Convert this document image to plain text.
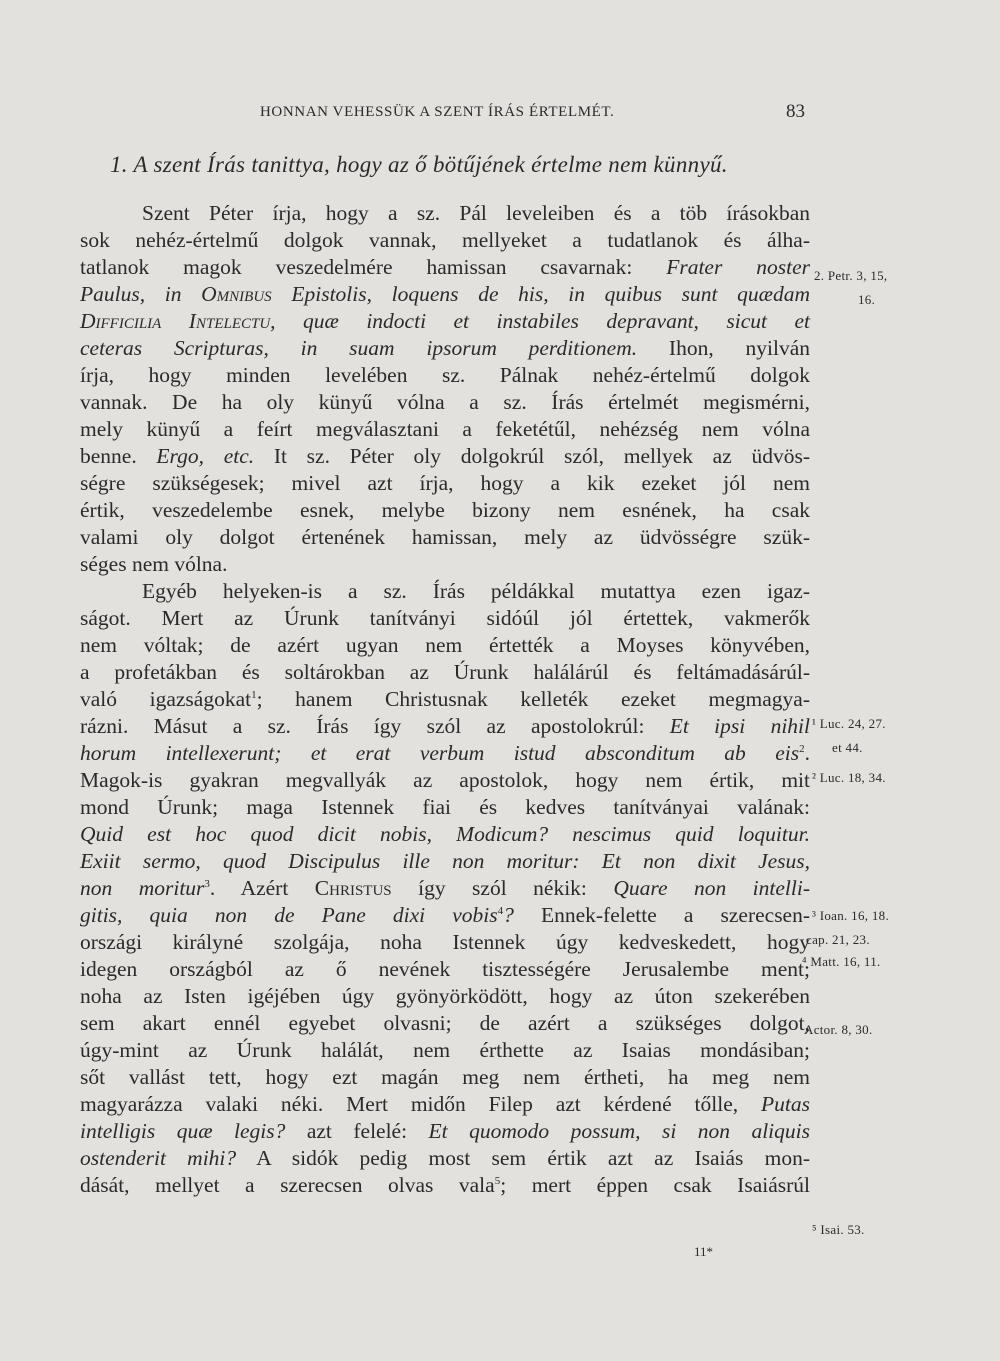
HONNAN VEHESSÜK A SZENT ÍRÁS ÉRTELMÉT.	83
1. A szent Írás tanittya, hogy az ő bötűjének értelme nem künnyű.
Szent Péter írja, hogy a sz. Pál leveleiben és a töb írásokban
sok nehéz-értelmű dolgok vannak, mellyeket a tudatlanok és álha-
tatlanok magok veszedelmére hamissan csavarnak: Frater noster
Paulus, in Omnibus Epistolis, loquens de his, in quibus sunt quædam
Difficilia Intelectu, quæ indocti et instabiles depravant, sicut et
ceteras Scripturas, in suam ipsorum perditionem. Ihon, nyilván
írja, hogy minden levelében sz. Pálnak nehéz-értelmű dolgok
vannak. De ha oly künyű vólna a sz. Írás értelmét megismérni,
mely künyű a feírt megválasztani a feketétűl, nehézség nem vólna
benne. Ergo, etc. It sz. Péter oly dolgokrúl szól, mellyek az üdvös-
ségre szükségesek; mivel azt írja, hogy a kik ezeket jól nem
értik, veszedelembe esnek, melybe bizony nem esnének, ha csak
valami oly dolgot értenének hamissan, mely az üdvösségre szük-
séges nem vólna.
Egyéb helyeken-is a sz. Írás példákkal mutattya ezen igaz-
ságot. Mert az Úrunk tanítványi sidóúl jól értettek, vakmerők
nem vóltak; de azért ugyan nem értették a Moyses könyvében,
a profetákban és soltárokban az Úrunk halálárúl és feltámadásárúl-
való igazságokat$^1$; hanem Christusnak kelleték ezeket megmagya-
rázni. Másut a sz. Írás így szól az apostolokrúl: Et ipsi nihil
horum intellexerunt; et erat verbum istud absconditum ab eis$^2$.
Magok-is gyakran megvallyák az apostolok, hogy nem értik, mit
mond Úrunk; maga Istennek fiai és kedves tanítványai valának:
Quid est hoc quod dicit nobis, Modicum? nescimus quid loquitur.
Exiit sermo, quod Discipulus ille non moritur: Et non dixit Jesus,
non moritur$^3$. Azért Christus így szól nékik: Quare non intelli-
gitis, quia non de Pane dixi vobis$^4$? Ennek-felette a szerecsen-
országi királyné szolgája, noha Istennek úgy kedveskedett, hogy
idegen országból az ő nevének tisztességére Jerusalembe ment;
noha az Isten igéjében úgy gyönyörködött, hogy az úton szekerében
sem akart ennél egyebet olvasni; de azért a szükséges dolgot,
úgy-mint az Úrunk halálát, nem érthette az Isaias mondásiban;
sőt vallást tett, hogy ezt magán meg nem értheti, ha meg nem
magyarázza valaki néki. Mert midőn Filep azt kérdené tőlle, Putas
intelligis quæ legis? azt felelé: Et quomodo possum, si non aliquis
ostenderit mihi? A sidók pedig most sem értik azt az Isaiás mon-
dását, mellyet a szerecsen olvas vala$^5$; mert éppen csak Isaiásrúl
2. Petr. 3, 15,
16.
¹ Luc. 24, 27.
et 44.
² Luc. 18, 34.
³ Ioan. 16, 18.
cap. 21, 23.
⁴ Matt. 16, 11.
Actor. 8, 30.
⁵ Isai. 53.
11*
